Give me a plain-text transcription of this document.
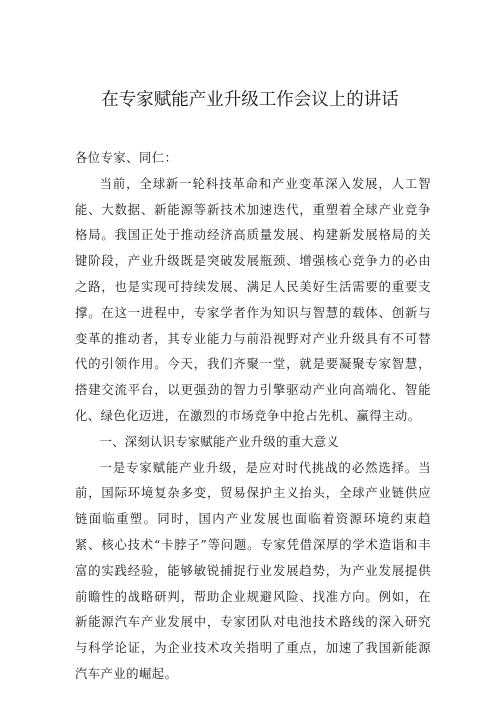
在专家赋能产业升级工作会议上的讲话

各位专家、同仁：

当前，全球新一轮科技革命和产业变革深入发展，人工智能、大数据、新能源等新技术加速迭代，重塑着全球产业竞争格局。我国正处于推动经济高质量发展、构建新发展格局的关键阶段，产业升级既是突破发展瓶颈、增强核心竞争力的必由之路，也是实现可持续发展、满足人民美好生活需要的重要支撑。在这一进程中，专家学者作为知识与智慧的载体、创新与变革的推动者，其专业能力与前沿视野对产业升级具有不可替代的引领作用。今天，我们齐聚一堂，就是要凝聚专家智慧，搭建交流平台，以更强劲的智力引擎驱动产业向高端化、智能化、绿色化迈进，在激烈的市场竞争中抢占先机、赢得主动。

一、深刻认识专家赋能产业升级的重大意义

一是专家赋能产业升级，是应对时代挑战的必然选择。当前，国际环境复杂多变，贸易保护主义抬头，全球产业链供应链面临重塑。同时，国内产业发展也面临着资源环境约束趋紧、核心技术“卡脖子”等问题。专家凭借深厚的学术造诣和丰富的实践经验，能够敏锐捕捉行业发展趋势，为产业发展提供前瞻性的战略研判，帮助企业规避风险、找准方向。例如，在新能源汽车产业发展中，专家团队对电池技术路线的深入研究与科学论证，为企业技术攻关指明了重点，加速了我国新能源汽车产业的崛起。
